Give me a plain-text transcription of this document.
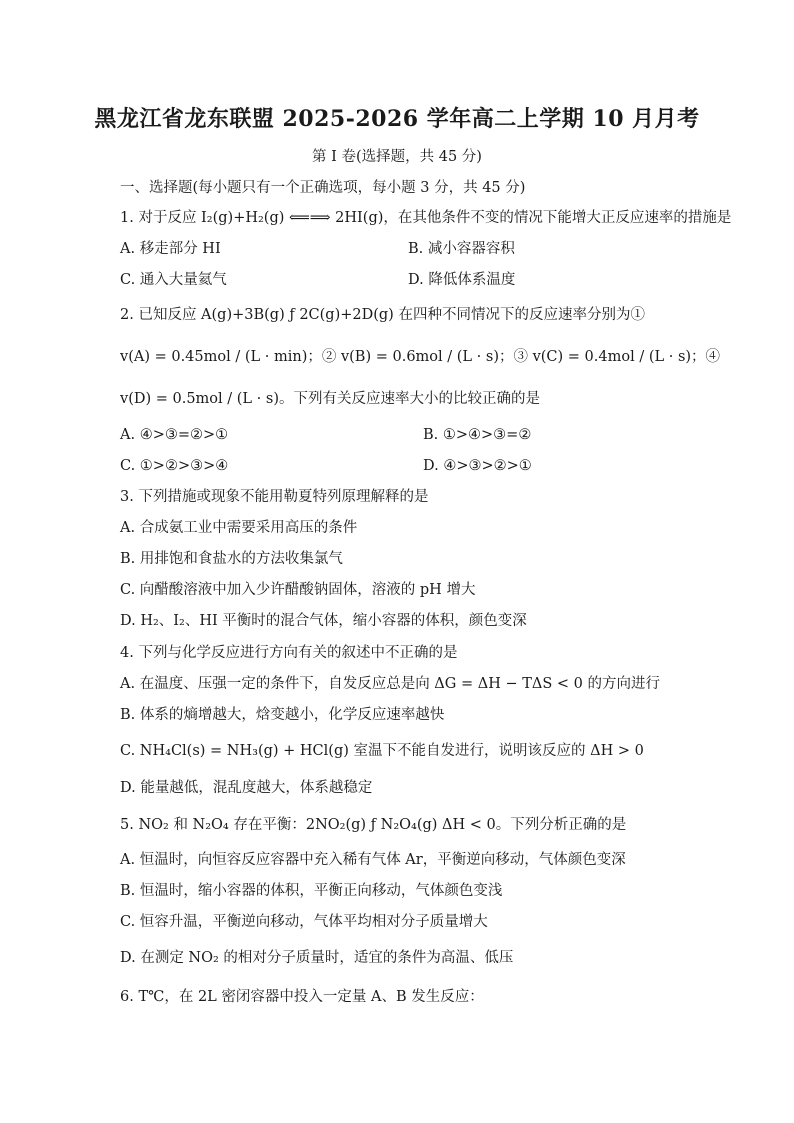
黑龙江省龙东联盟 2025-2026 学年高二上学期 10 月月考
第 I 卷(选择题，共 45 分)
一、选择题(每小题只有一个正确选项，每小题 3 分，共 45 分)
1. 对于反应 I₂(g)+H₂(g) ⟸⟹ 2HI(g)，在其他条件不变的情况下能增大正反应速率的措施是
A. 移走部分 HI	B. 减小容器容积
C. 通入大量氦气	D. 降低体系温度
2. 已知反应 A(g)+3B(g) ƒ 2C(g)+2D(g) 在四种不同情况下的反应速率分别为①
v(A) = 0.45mol / (L · min)；② v(B) = 0.6mol / (L · s)；③ v(C) = 0.4mol / (L · s)；④
v(D) = 0.5mol / (L · s)。下列有关反应速率大小的比较正确的是
A. ④>③=②>①	B. ①>④>③=②
C. ①>②>③>④	D. ④>③>②>①
3. 下列措施或现象不能用勒夏特列原理解释的是
A. 合成氨工业中需要采用高压的条件
B. 用排饱和食盐水的方法收集氯气
C. 向醋酸溶液中加入少许醋酸钠固体，溶液的 pH 增大
D. H₂、I₂、HI 平衡时的混合气体，缩小容器的体积，颜色变深
4. 下列与化学反应进行方向有关的叙述中不正确的是
A. 在温度、压强一定的条件下，自发反应总是向 ΔG = ΔH − TΔS < 0 的方向进行
B. 体系的熵增越大，焓变越小，化学反应速率越快
C. NH₄Cl(s) = NH₃(g) + HCl(g) 室温下不能自发进行，说明该反应的 ΔH > 0
D. 能量越低，混乱度越大，体系越稳定
5. NO₂ 和 N₂O₄ 存在平衡：2NO₂(g) ƒ N₂O₄(g) ΔH < 0。下列分析正确的是
A. 恒温时，向恒容反应容器中充入稀有气体 Ar，平衡逆向移动，气体颜色变深
B. 恒温时，缩小容器的体积，平衡正向移动，气体颜色变浅
C. 恒容升温，平衡逆向移动，气体平均相对分子质量增大
D. 在测定 NO₂ 的相对分子质量时，适宜的条件为高温、低压
6. T℃，在 2L 密闭容器中投入一定量 A、B 发生反应：
